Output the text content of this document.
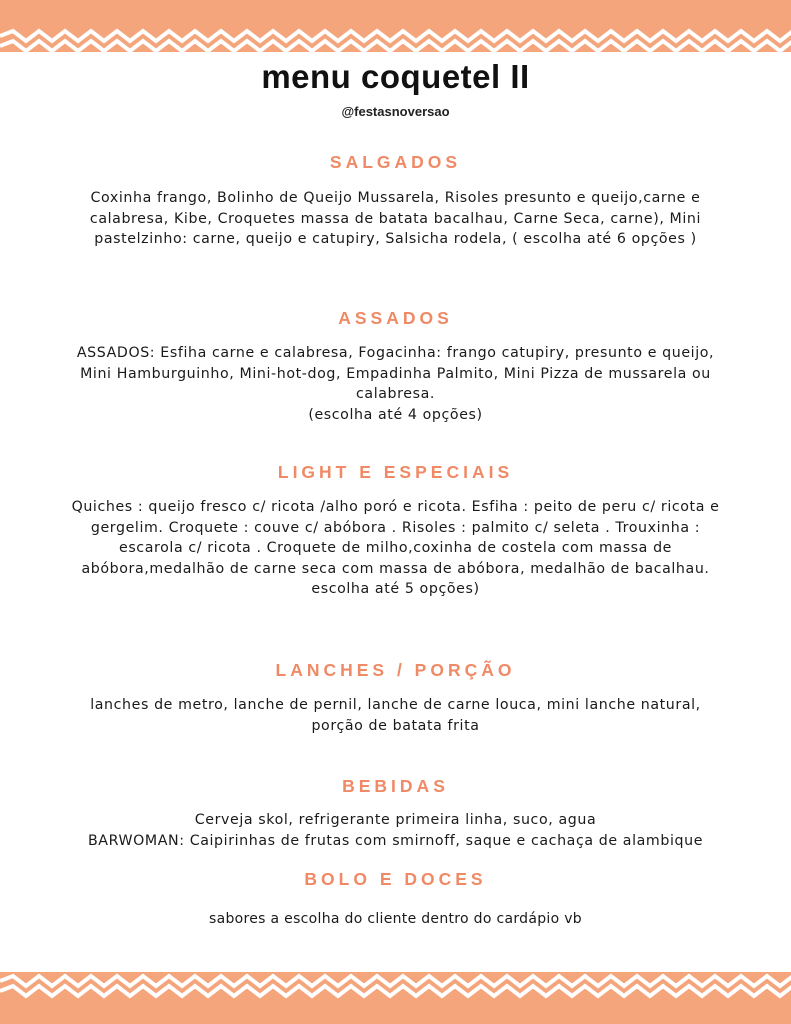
menu coquetel II
@festasnoversao
SALGADOS
Coxinha frango, Bolinho de Queijo Mussarela, Risoles presunto e queijo,carne e calabresa, Kibe, Croquetes massa de batata bacalhau, Carne Seca, carne), Mini pastelzinho: carne, queijo e catupiry, Salsicha rodela, ( escolha até 6 opções )
ASSADOS
ASSADOS: Esfiha carne e calabresa, Fogacinha: frango catupiry, presunto e queijo, Mini Hamburguinho, Mini-hot-dog, Empadinha Palmito, Mini Pizza de mussarela ou calabresa.
(escolha até 4 opções)
LIGHT E ESPECIAIS
Quiches : queijo fresco c/ ricota /alho poró e ricota. Esfiha : peito de peru c/ ricota e gergelim. Croquete : couve c/ abóbora . Risoles : palmito c/ seleta . Trouxinha : escarola c/ ricota . Croquete de milho,coxinha de costela com massa de abóbora,medalhão de carne seca com massa de abóbora, medalhão de bacalhau.
escolha até 5 opções)
LANCHES / PORÇÃO
lanches de metro, lanche de pernil, lanche de carne louca, mini lanche natural, porção de batata frita
BEBIDAS
Cerveja skol, refrigerante primeira linha, suco, agua
BARWOMAN: Caipirinhas de frutas com smirnoff, saque e cachaça de alambique
BOLO E DOCES
sabores a escolha do cliente dentro do cardápio vb
